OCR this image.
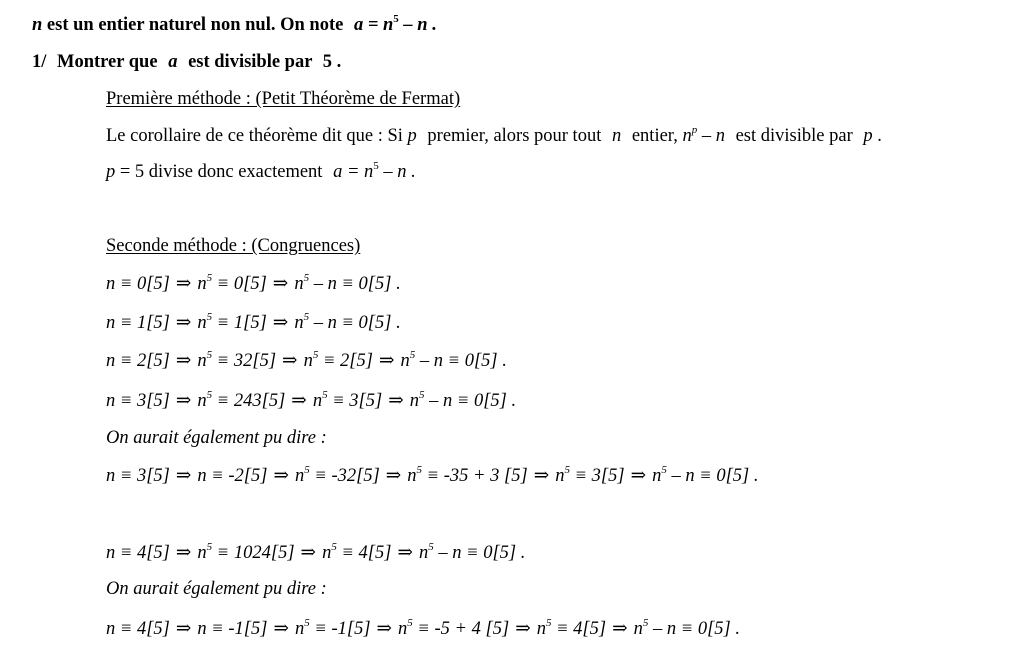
n est un entier naturel non nul. On note $a = n^5 - n$ .
1/ Montrer que a est divisible par 5 .
Première méthode : (Petit Théorème de Fermat)
Le corollaire de ce théorème dit que : Si p premier, alors pour tout n entier, $n^p$ – n est divisible par p .
p = 5 divise donc exactement $a = n^5 - n$ .
Seconde méthode : (Congruences)
n ≡ 0[5] ⇒ $n^5 \equiv 0[5]$ ⇒ $n^5 - n \equiv 0[5]$ .
n ≡ 1[5] ⇒ $n^5 \equiv 1[5]$ ⇒ $n^5 - n \equiv 0[5]$ .
n ≡ 2[5] ⇒ $n^5 \equiv 32[5]$ ⇒ $n^5 \equiv 2[5]$ ⇒ $n^5 - n \equiv 0[5]$ .
n ≡ 3[5] ⇒ $n^5 \equiv 243[5]$ ⇒ $n^5 \equiv 3[5]$ ⇒ $n^5 - n \equiv 0[5]$ .
On aurait également pu dire :
n ≡ 3[5] ⇒ n ≡ -2[5] ⇒ $n^5 \equiv -32[5]$ ⇒ $n^5 \equiv -35 + 3$ [5] ⇒ $n^5 \equiv 3[5]$ ⇒ $n^5 - n \equiv 0[5]$ .
n ≡ 4[5] ⇒ $n^5 \equiv 1024[5]$ ⇒ $n^5 \equiv 4[5]$ ⇒ $n^5 - n \equiv 0[5]$ .
On aurait également pu dire :
n ≡ 4[5] ⇒ n ≡ -1[5] ⇒ $n^5 \equiv -1[5]$ ⇒ $n^5 \equiv -5 + 4$ [5] ⇒ $n^5 \equiv 4[5]$ ⇒ $n^5 - n \equiv 0[5]$ .
